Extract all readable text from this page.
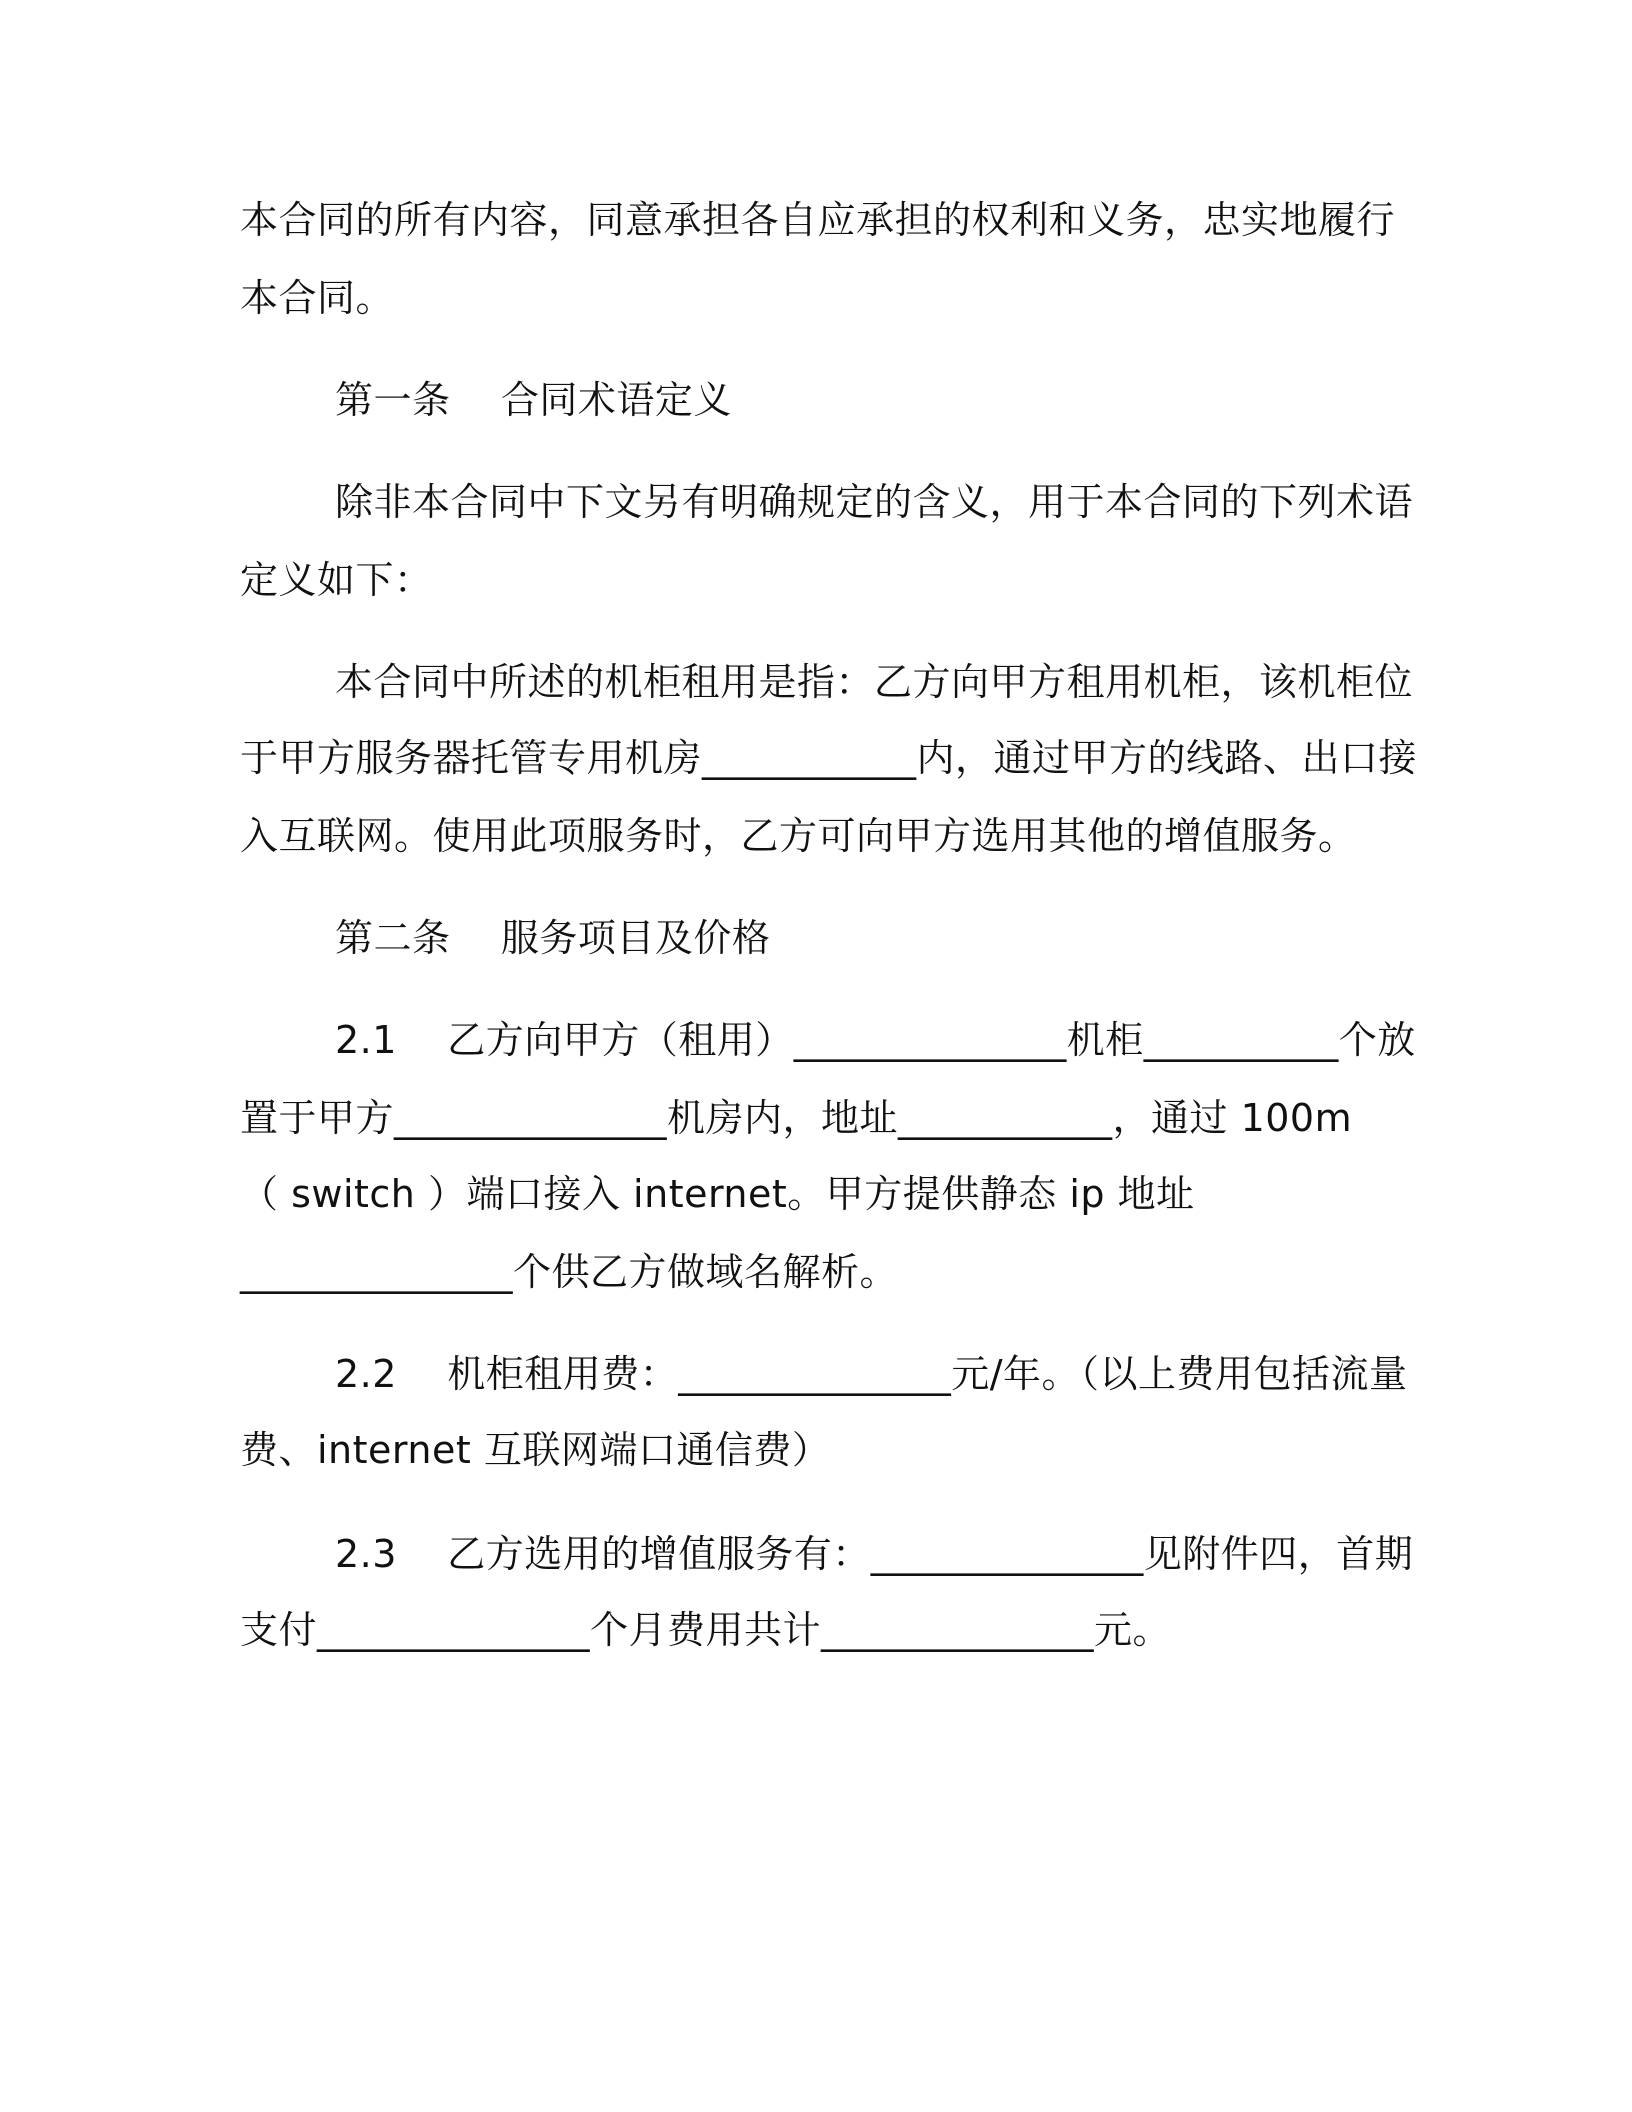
本合同的所有内容，同意承担各自应承担的权利和义务，忠实地履行
本合同。
第一条    合同术语定义
除非本合同中下文另有明确规定的含义，用于本合同的下列术语
定义如下：
本合同中所述的机柜租用是指：乙方向甲方租用机柜，该机柜位
于甲方服务器托管专用机房___________内，通过甲方的线路、出口接
入互联网。使用此项服务时，乙方可向甲方选用其他的增值服务。
第二条    服务项目及价格
2.1    乙方向甲方（租用）______________机柜__________个放
置于甲方______________机房内，地址___________，通过 100m
（ switch ）端口接入 internet。甲方提供静态 ip 地址
______________个供乙方做域名解析。
2.2    机柜租用费：______________元/年。（以上费用包括流量
费、internet 互联网端口通信费）
2.3    乙方选用的增值服务有：______________见附件四，首期
支付______________个月费用共计______________元。
